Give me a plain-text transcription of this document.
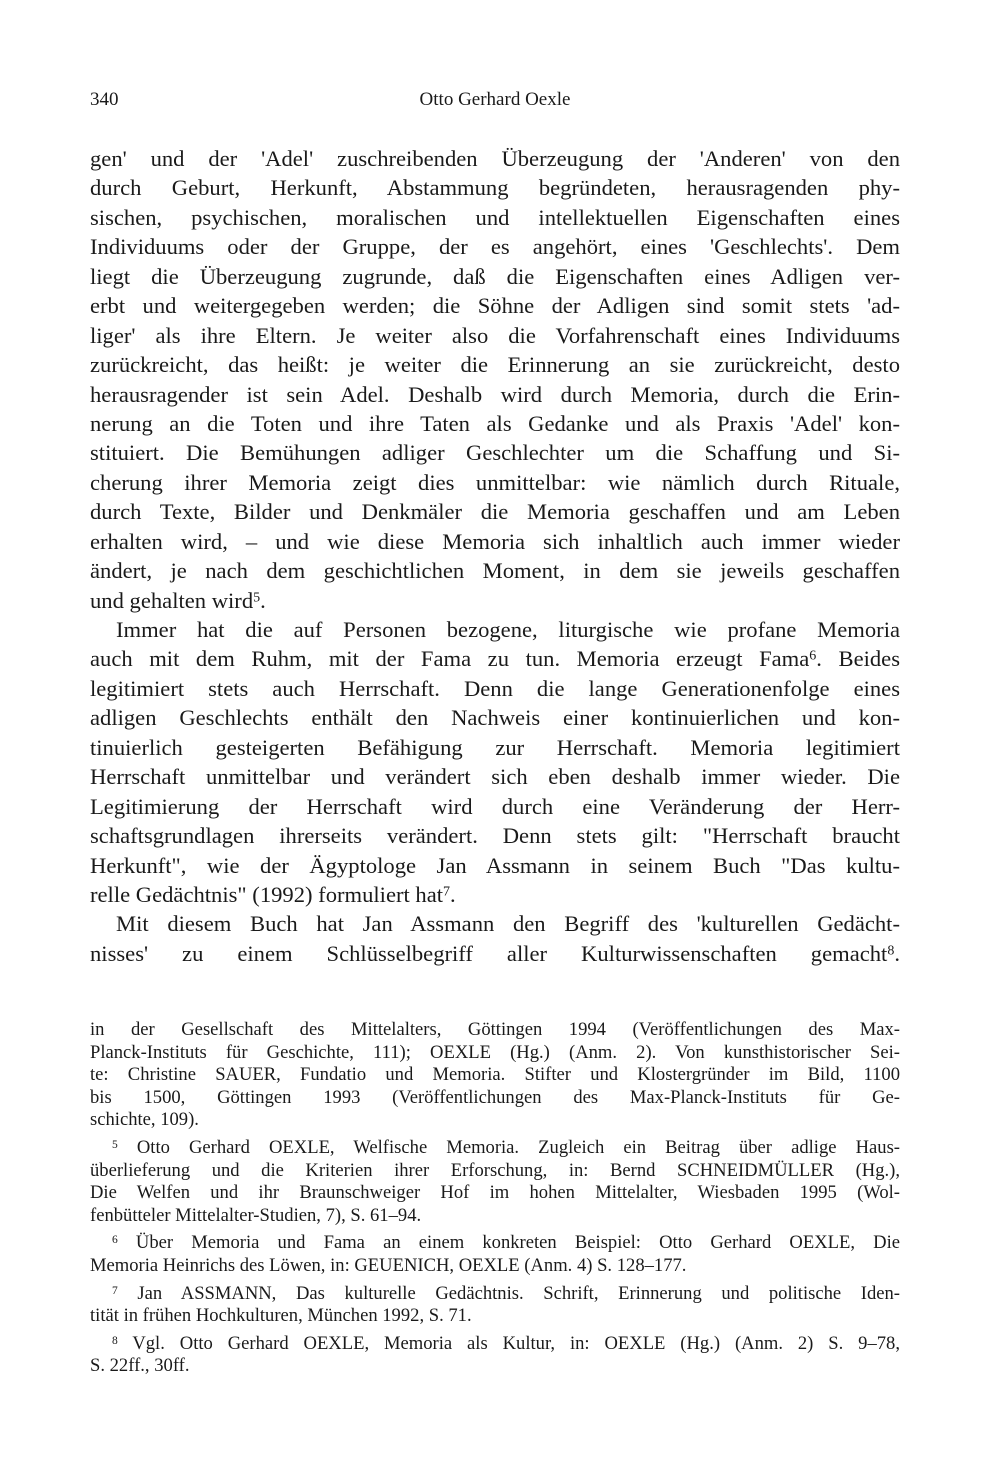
340	Otto Gerhard Oexle
gen' und der 'Adel' zuschreibenden Überzeugung der 'Anderen' von den
durch Geburt, Herkunft, Abstammung begründeten, herausragenden phy-
sischen, psychischen, moralischen und intellektuellen Eigenschaften eines
Individuums oder der Gruppe, der es angehört, eines 'Geschlechts'. Dem
liegt die Überzeugung zugrunde, daß die Eigenschaften eines Adligen ver-
erbt und weitergegeben werden; die Söhne der Adligen sind somit stets 'ad-
liger' als ihre Eltern. Je weiter also die Vorfahrenschaft eines Individuums
zurückreicht, das heißt: je weiter die Erinnerung an sie zurückreicht, desto
herausragender ist sein Adel. Deshalb wird durch Memoria, durch die Erin-
nerung an die Toten und ihre Taten als Gedanke und als Praxis 'Adel' kon-
stituiert. Die Bemühungen adliger Geschlechter um die Schaffung und Si-
cherung ihrer Memoria zeigt dies unmittelbar: wie nämlich durch Rituale,
durch Texte, Bilder und Denkmäler die Memoria geschaffen und am Leben
erhalten wird, – und wie diese Memoria sich inhaltlich auch immer wieder
ändert, je nach dem geschichtlichen Moment, in dem sie jeweils geschaffen
und gehalten wird$^5$.
Immer hat die auf Personen bezogene, liturgische wie profane Memoria
auch mit dem Ruhm, mit der Fama zu tun. Memoria erzeugt Fama$^6$. Beides
legitimiert stets auch Herrschaft. Denn die lange Generationenfolge eines
adligen Geschlechts enthält den Nachweis einer kontinuierlichen und kon-
tinuierlich gesteigerten Befähigung zur Herrschaft. Memoria legitimiert
Herrschaft unmittelbar und verändert sich eben deshalb immer wieder. Die
Legitimierung der Herrschaft wird durch eine Veränderung der Herr-
schaftsgrundlagen ihrerseits verändert. Denn stets gilt: "Herrschaft braucht
Herkunft", wie der Ägyptologe Jan Assmann in seinem Buch "Das kultu-
relle Gedächtnis" (1992) formuliert hat$^7$.
Mit diesem Buch hat Jan Assmann den Begriff des 'kulturellen Gedächt-
nisses' zu einem Schlüsselbegriff aller Kulturwissenschaften gemacht$^8$.
in der Gesellschaft des Mittelalters, Göttingen 1994 (Veröffentlichungen des Max-
Planck-Instituts für Geschichte, 111); OEXLE (Hg.) (Anm. 2). Von kunsthistorischer Sei-
te: Christine SAUER, Fundatio und Memoria. Stifter und Klostergründer im Bild, 1100
bis 1500, Göttingen 1993 (Veröffentlichungen des Max-Planck-Instituts für Ge-
schichte, 109).
$^5$ Otto Gerhard OEXLE, Welfische Memoria. Zugleich ein Beitrag über adlige Haus-
überlieferung und die Kriterien ihrer Erforschung, in: Bernd SCHNEIDMÜLLER (Hg.),
Die Welfen und ihr Braunschweiger Hof im hohen Mittelalter, Wiesbaden 1995 (Wol-
fenbütteler Mittelalter-Studien, 7), S. 61–94.
$^6$ Über Memoria und Fama an einem konkreten Beispiel: Otto Gerhard OEXLE, Die
Memoria Heinrichs des Löwen, in: GEUENICH, OEXLE (Anm. 4) S. 128–177.
$^7$ Jan ASSMANN, Das kulturelle Gedächtnis. Schrift, Erinnerung und politische Iden-
tität in frühen Hochkulturen, München 1992, S. 71.
$^8$ Vgl. Otto Gerhard OEXLE, Memoria als Kultur, in: OEXLE (Hg.) (Anm. 2) S. 9–78,
S. 22ff., 30ff.
